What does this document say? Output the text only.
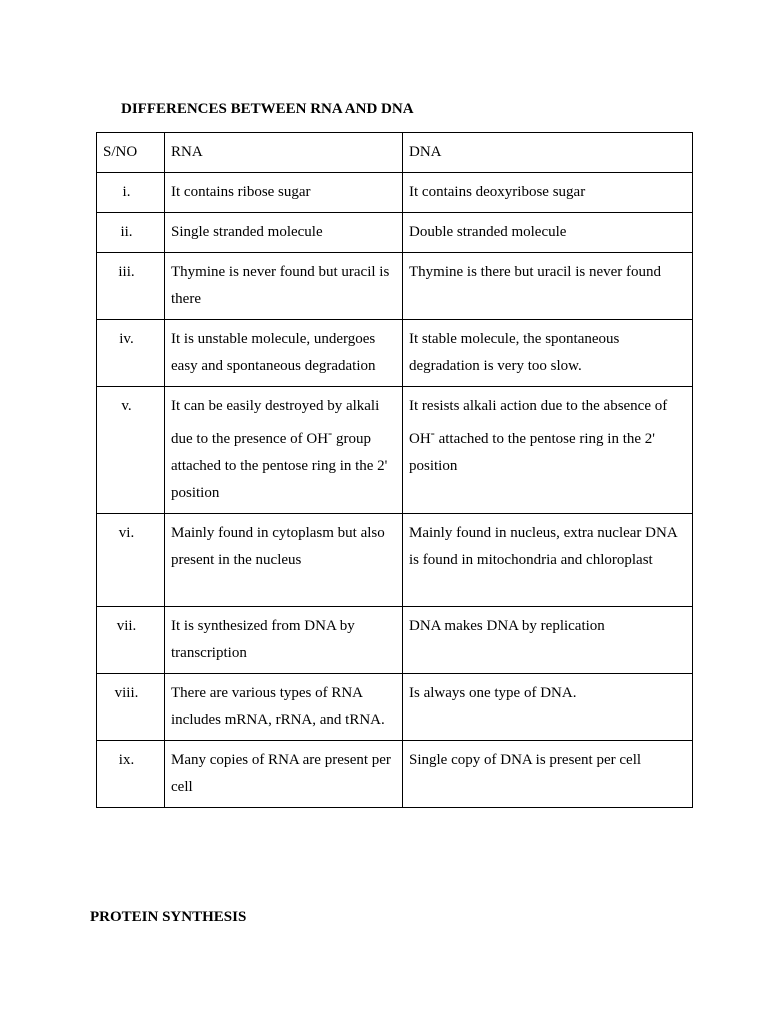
DIFFERENCES BETWEEN RNA AND DNA
S/NO	RNA	DNA
i.	It contains ribose sugar	It contains deoxyribose sugar
ii.	Single stranded molecule	Double stranded molecule
iii.	Thymine is never found but uracil is there	Thymine is there but uracil is never found
iv.	It is unstable molecule, undergoes easy and spontaneous degradation	It stable molecule, the spontaneous degradation is very too slow.
v.	It can be easily destroyed by alkali due to the presence of OH- group attached to the pentose ring in the 2' position	It resists alkali action due to the absence of OH- attached to the pentose ring in the 2' position
vi.	Mainly found in cytoplasm but also present in the nucleus	Mainly found in nucleus, extra nuclear DNA is found in mitochondria and chloroplast
vii.	It is synthesized from DNA by transcription	DNA makes DNA by replication
viii.	There are various types of RNA includes mRNA, rRNA, and tRNA.	Is always one type of DNA.
ix.	Many copies of RNA are present per cell	Single copy of DNA is present per cell
PROTEIN SYNTHESIS
